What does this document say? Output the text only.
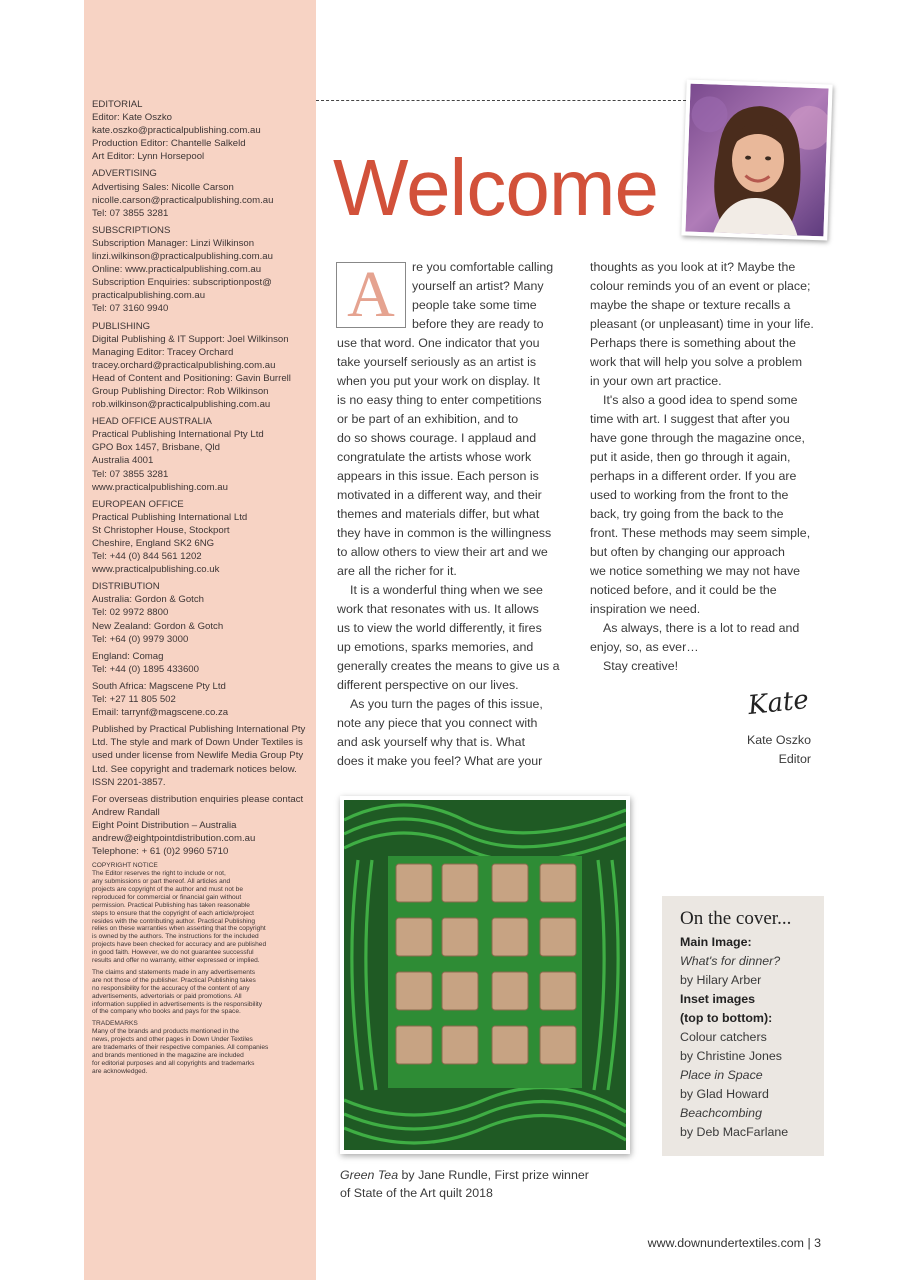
EDITORIAL
Editor: Kate Oszko
kate.oszko@practicalpublishing.com.au
Production Editor: Chantelle Salkeld
Art Editor: Lynn Horsepool
ADVERTISING
Advertising Sales: Nicolle Carson
nicolle.carson@practicalpublishing.com.au
Tel: 07 3855 3281
SUBSCRIPTIONS
Subscription Manager: Linzi Wilkinson
linzi.wilkinson@practicalpublishing.com.au
Online: www.practicalpublishing.com.au
Subscription Enquiries: subscriptionpost@
practicalpublishing.com.au
Tel: 07 3160 9940
PUBLISHING
Digital Publishing & IT Support: Joel Wilkinson
Managing Editor: Tracey Orchard
tracey.orchard@practicalpublishing.com.au
Head of Content and Positioning: Gavin Burrell
Group Publishing Director: Rob Wilkinson
rob.wilkinson@practicalpublishing.com.au
HEAD OFFICE AUSTRALIA
Practical Publishing International Pty Ltd
GPO Box 1457, Brisbane, Qld
Australia 4001
Tel: 07 3855 3281
www.practicalpublishing.com.au
EUROPEAN OFFICE
Practical Publishing International Ltd
St Christopher House, Stockport
Cheshire, England SK2 6NG
Tel: +44 (0) 844 561 1202
www.practicalpublishing.co.uk
DISTRIBUTION
Australia: Gordon & Gotch
Tel: 02 9972 8800
New Zealand: Gordon & Gotch
Tel: +64 (0) 9979 3000
England: Comag
Tel: +44 (0) 1895 433600
South Africa: Magscene Pty Ltd
Tel: +27 11 805 502
Email: tarrynf@magscene.co.za
Published by Practical Publishing International Pty
Ltd. The style and mark of Down Under Textiles is
used under license from Newlife Media Group Pty
Ltd. See copyright and trademark notices below.
ISSN 2201-3857.
For overseas distribution enquiries please contact
Andrew Randall
Eight Point Distribution – Australia
andrew@eightpointdistribution.com.au
Telephone: + 61 (0)2 9960 5710
COPYRIGHT NOTICE
The Editor reserves the right to include or not,
any submissions or part thereof. All articles and
projects are copyright of the author and must not be
reproduced for commercial or financial gain without
permission. Practical Publishing has taken reasonable
steps to ensure that the copyright of each article/project
resides with the contributing author. Practical Publishing
relies on these warranties when asserting that the copyright
is owned by the authors. The instructions for the included
projects have been checked for accuracy and are published
in good faith. However, we do not guarantee successful
results and offer no warranty, either expressed or implied.
The claims and statements made in any advertisements
are not those of the publisher. Practical Publishing takes
no responsibility for the accuracy of the content of any
advertisements, advertorials or paid promotions. All
information supplied in advertisements is the responsibility
of the company who books and pays for the space.
TRADEMARKS
Many of the brands and products mentioned in the
news, projects and other pages in Down Under Textiles
are trademarks of their respective companies. All companies
and brands mentioned in the magazine are included
for editorial purposes and all copyrights and trademarks
are acknowledged.
Welcome
A	re you comfortable calling
yourself an artist? Many
people take some time
before they are ready to
use that word. One indicator that you
take yourself seriously as an artist is
when you put your work on display. It
is no easy thing to enter competitions
or be part of an exhibition, and to
do so shows courage. I applaud and
congratulate the artists whose work
appears in this issue. Each person is
motivated in a different way, and their
themes and materials differ, but what
they have in common is the willingness
to allow others to view their art and we
are all the richer for it.
It is a wonderful thing when we see
work that resonates with us. It allows
us to view the world differently, it fires
up emotions, sparks memories, and
generally creates the means to give us a
different perspective on our lives.
As you turn the pages of this issue,
note any piece that you connect with
and ask yourself why that is. What
does it make you feel? What are your
thoughts as you look at it? Maybe the
colour reminds you of an event or place;
maybe the shape or texture recalls a
pleasant (or unpleasant) time in your life.
Perhaps there is something about the
work that will help you solve a problem
in your own art practice.
It's also a good idea to spend some
time with art. I suggest that after you
have gone through the magazine once,
put it aside, then go through it again,
perhaps in a different order. If you are
used to working from the front to the
back, try going from the back to the
front. These methods may seem simple,
but often by changing our approach
we notice something we may not have
noticed before, and it could be the
inspiration we need.
As always, there is a lot to read and
enjoy, so, as ever…
Stay creative!
Kate
Kate Oszko
Editor
Green Tea by Jane Rundle, First prize winner
of State of the Art quilt 2018
On the cover...
Main Image:
What's for dinner?
by Hilary Arber
Inset images
(top to bottom):
Colour catchers
by Christine Jones
Place in Space
by Glad Howard
Beachcombing
by Deb MacFarlane
www.downundertextiles.com | 3
